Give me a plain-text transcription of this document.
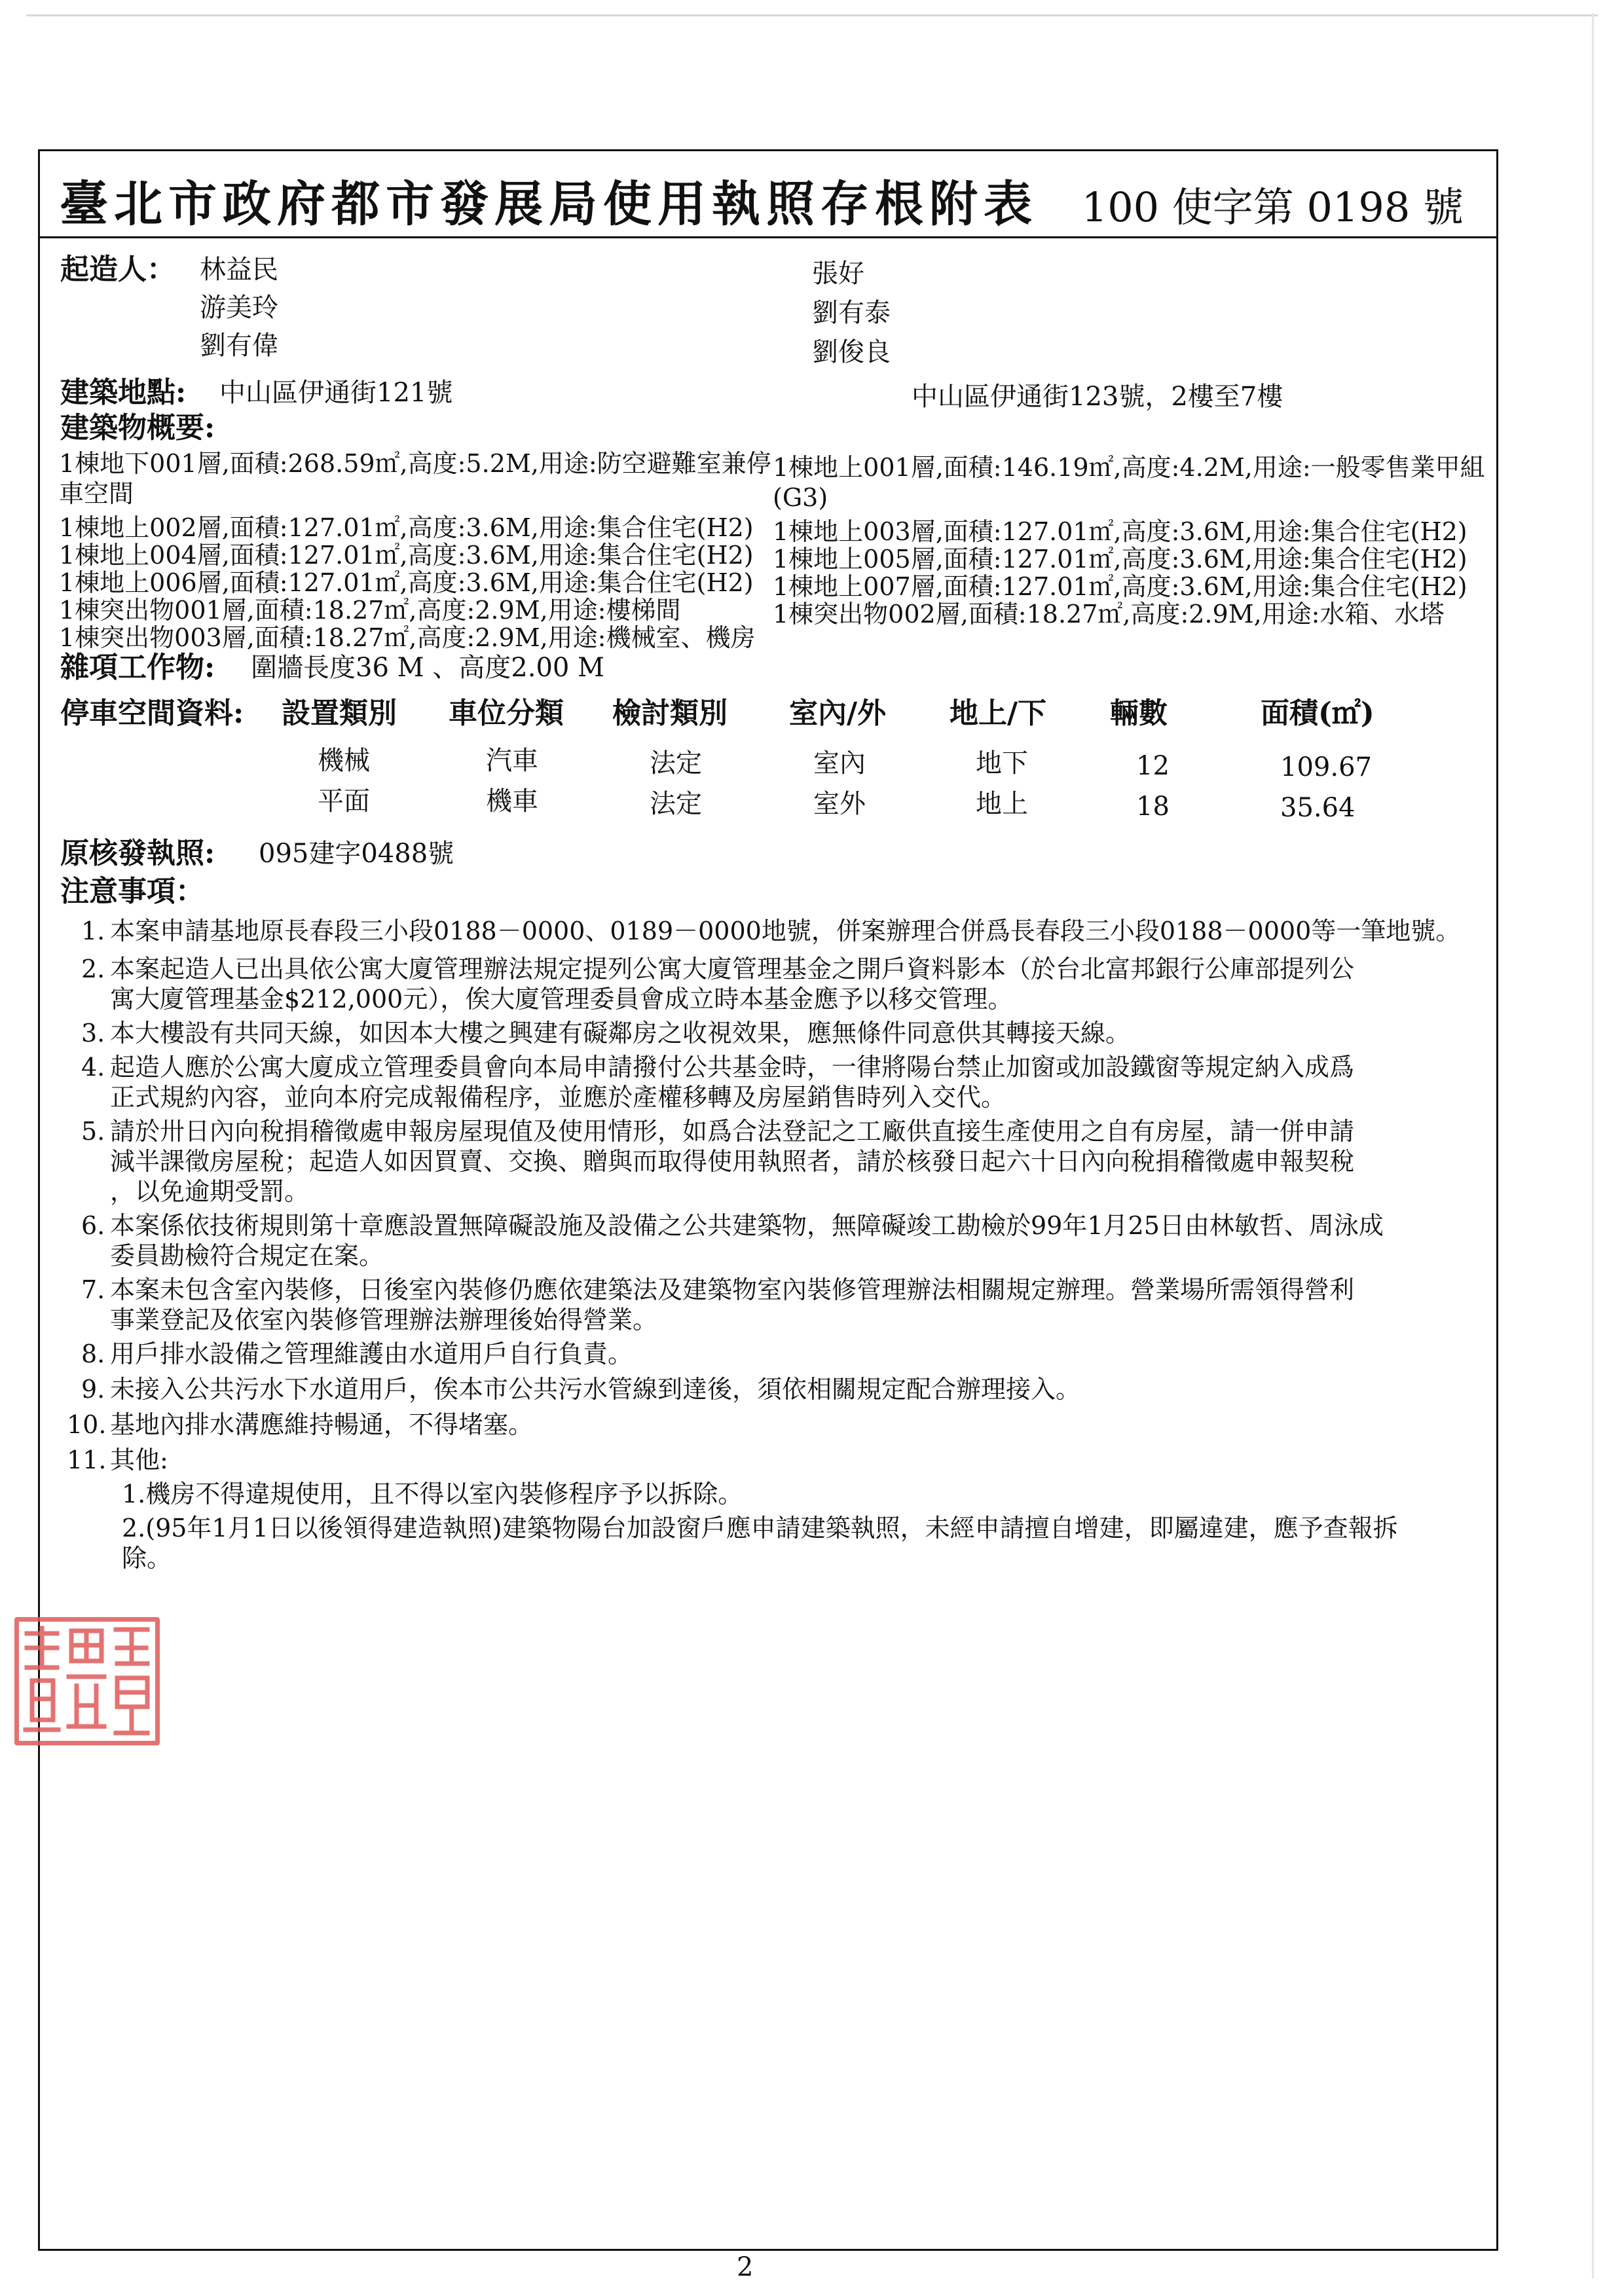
臺北市政府都市發展局使用執照存根附表 100 使字第 0198 號
起造人： 林益民
游美玲
劉有偉
張好
劉有泰
劉俊良
建築地點: 中山區伊通街121號	中山區伊通街123號，2樓至7樓
建築物概要:
1棟地下001層,面積:268.59㎡,高度:5.2M,用途:防空避難室兼停
車空間
1棟地上001層,面積:146.19㎡,高度:4.2M,用途:一般零售業甲組
(G3)
1棟地上002層,面積:127.01㎡,高度:3.6M,用途:集合住宅(H2)
1棟地上004層,面積:127.01㎡,高度:3.6M,用途:集合住宅(H2)
1棟地上006層,面積:127.01㎡,高度:3.6M,用途:集合住宅(H2)
1棟突出物001層,面積:18.27㎡,高度:2.9M,用途:樓梯間
1棟突出物003層,面積:18.27㎡,高度:2.9M,用途:機械室、機房
1棟地上003層,面積:127.01㎡,高度:3.6M,用途:集合住宅(H2)
1棟地上005層,面積:127.01㎡,高度:3.6M,用途:集合住宅(H2)
1棟地上007層,面積:127.01㎡,高度:3.6M,用途:集合住宅(H2)
1棟突出物002層,面積:18.27㎡,高度:2.9M,用途:水箱、水塔
雜項工作物: 圍牆長度36 M 、高度2.00 M
停車空間資料: 設置類別 車位分類 檢討類別 室內/外 地上/下 輛數	面積(㎡)
機械	汽車	法定	室內	地下	12	109.67
平面	機車	法定	室外	地上	18	35.64
原核發執照: 095建字0488號
注意事項：
1. 本案申請基地原長春段三小段0188－0000、0189－0000地號，併案辦理合併爲長春段三小段0188－0000等一筆地號。
2. 本案起造人已出具依公寓大廈管理辦法規定提列公寓大廈管理基金之開戶資料影本（於台北富邦銀行公庫部提列公
寓大廈管理基金$212,000元），俟大廈管理委員會成立時本基金應予以移交管理。
3. 本大樓設有共同天線，如因本大樓之興建有礙鄰房之收視效果，應無條件同意供其轉接天線。
4. 起造人應於公寓大廈成立管理委員會向本局申請撥付公共基金時，一律將陽台禁止加窗或加設鐵窗等規定納入成爲
正式規約內容，並向本府完成報備程序，並應於產權移轉及房屋銷售時列入交代。
5. 請於卅日內向稅捐稽徵處申報房屋現值及使用情形，如爲合法登記之工廠供直接生產使用之自有房屋，請一併申請
減半課徵房屋稅；起造人如因買賣、交換、贈與而取得使用執照者，請於核發日起六十日內向稅捐稽徵處申報契稅
，以免逾期受罰。
6. 本案係依技術規則第十章應設置無障礙設施及設備之公共建築物，無障礙竣工勘檢於99年1月25日由林敏哲、周泳成
委員勘檢符合規定在案。
7. 本案未包含室內裝修，日後室內裝修仍應依建築法及建築物室內裝修管理辦法相關規定辦理。營業場所需領得營利
事業登記及依室內裝修管理辦法辦理後始得營業。
8. 用戶排水設備之管理維護由水道用戶自行負責。
9. 未接入公共污水下水道用戶，俟本市公共污水管線到達後，須依相關規定配合辦理接入。
10. 基地內排水溝應維持暢通，不得堵塞。
11. 其他:
1.機房不得違規使用，且不得以室內裝修程序予以拆除。
2.(95年1月1日以後領得建造執照)建築物陽台加設窗戶應申請建築執照，未經申請擅自增建，即屬違建，應予查報拆
除。
2
